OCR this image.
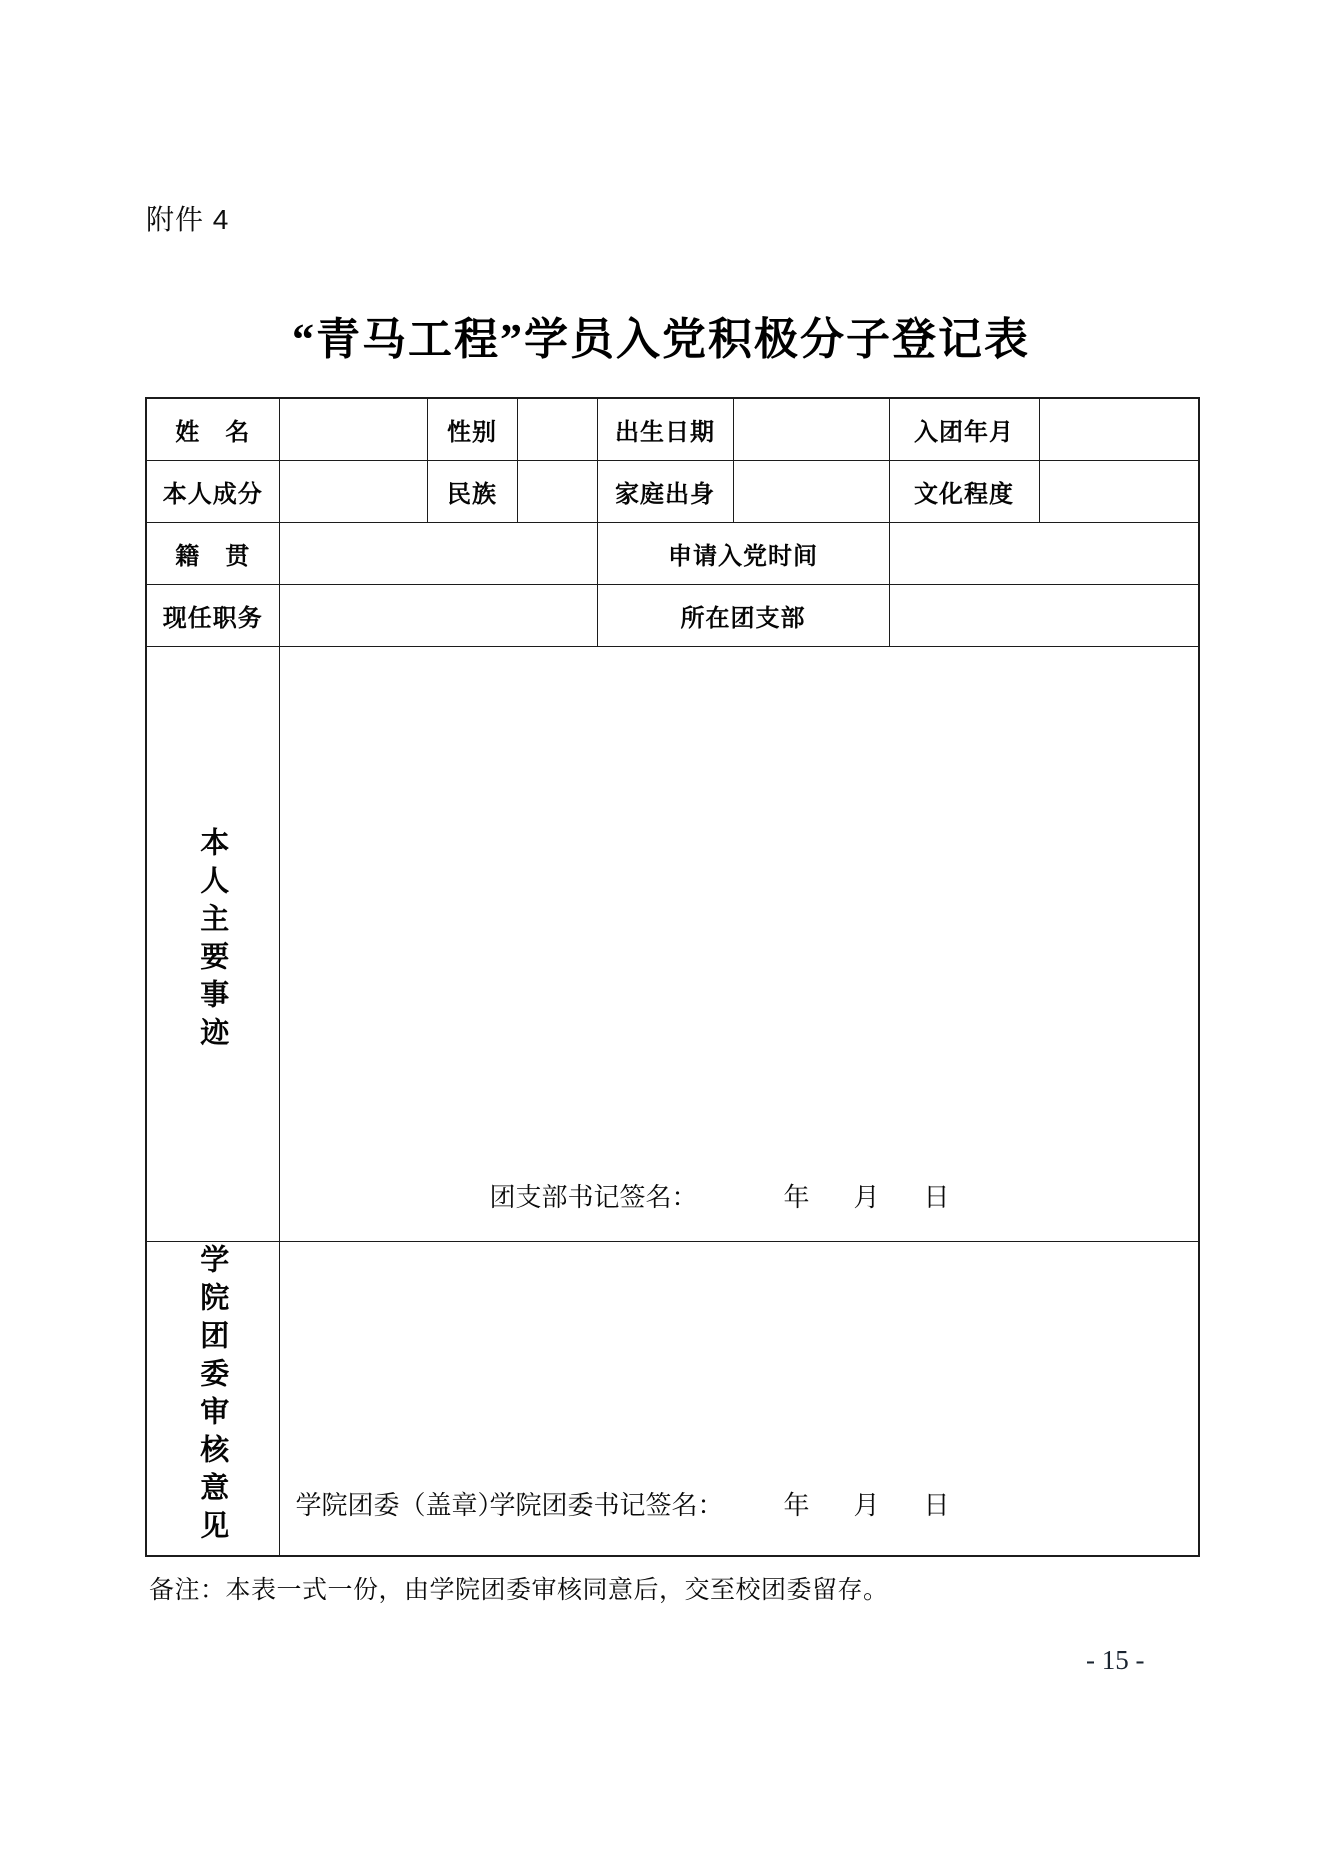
附件 4
“青马工程”学员入党积极分子登记表
姓　名		性别		出生日期		入团年月	
本人成分		民族		家庭出身		文化程度	
籍　贯				申请入党时间			
现任职务				所在团支部			
本人主要事迹	团支部书记签名： 年 月 日						

学院团委审核意见	学院团委（盖章）
学院团委书记签名： 年 月 日						
备注：本表一式一份，由学院团委审核同意后，交至校团委留存。
- 15 -
